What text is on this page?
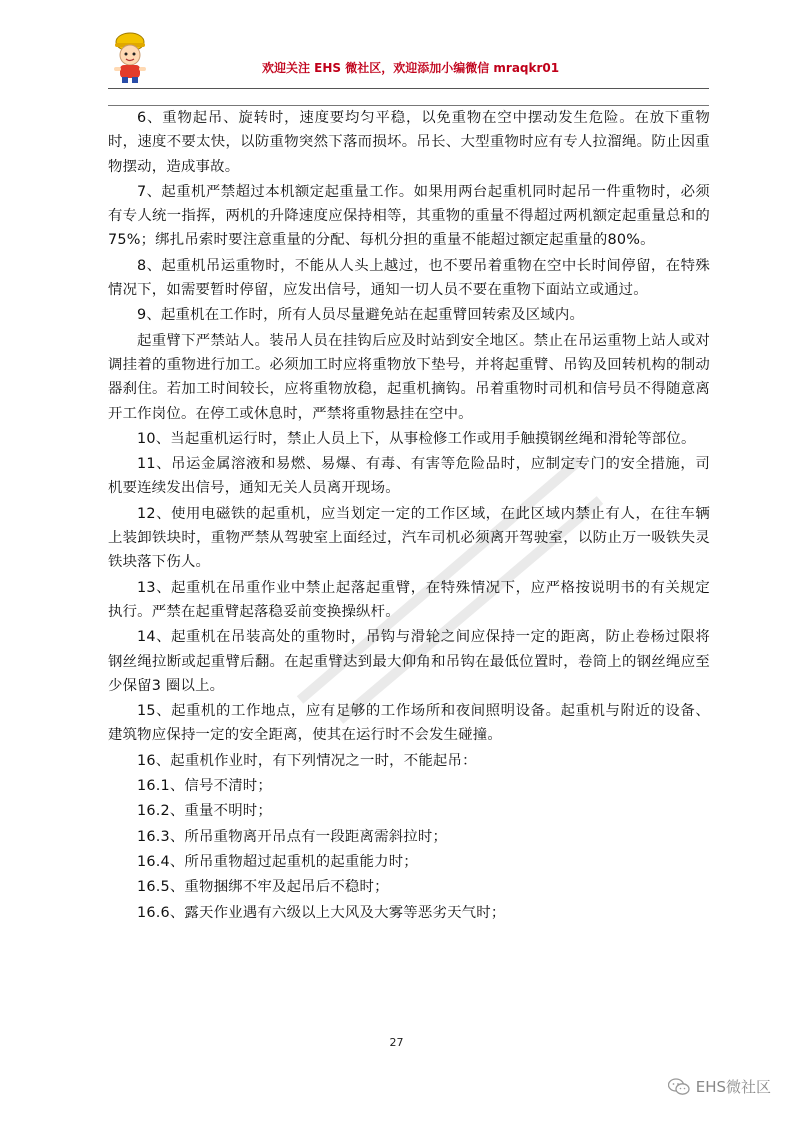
欢迎关注 EHS 微社区，欢迎添加小编微信 mraqkr01

6、重物起吊、旋转时，速度要均匀平稳，以免重物在空中摆动发生危险。在放下重物时，速度不要太快，以防重物突然下落而损坏。吊长、大型重物时应有专人拉溜绳。防止因重物摆动，造成事故。

7、起重机严禁超过本机额定起重量工作。如果用两台起重机同时起吊一件重物时，必须有专人统一指挥，两机的升降速度应保持相等，其重物的重量不得超过两机额定起重量总和的75%；绑扎吊索时要注意重量的分配、每机分担的重量不能超过额定起重量的80%。

8、起重机吊运重物时，不能从人头上越过，也不要吊着重物在空中长时间停留，在特殊情况下，如需要暂时停留，应发出信号，通知一切人员不要在重物下面站立或通过。

9、起重机在工作时，所有人员尽量避免站在起重臂回转索及区域内。

起重臂下严禁站人。装吊人员在挂钩后应及时站到安全地区。禁止在吊运重物上站人或对调挂着的重物进行加工。必须加工时应将重物放下垫号，并将起重臂、吊钩及回转机构的制动器刹住。若加工时间较长，应将重物放稳，起重机摘钩。吊着重物时司机和信号员不得随意离开工作岗位。在停工或休息时，严禁将重物悬挂在空中。

10、当起重机运行时，禁止人员上下，从事检修工作或用手触摸钢丝绳和滑轮等部位。

11、吊运金属溶液和易燃、易爆、有毒、有害等危险品时，应制定专门的安全措施，司机要连续发出信号，通知无关人员离开现场。

12、使用电磁铁的起重机，应当划定一定的工作区域，在此区域内禁止有人，在往车辆上装卸铁块时，重物严禁从驾驶室上面经过，汽车司机必须离开驾驶室，以防止万一吸铁失灵铁块落下伤人。

13、起重机在吊重作业中禁止起落起重臂，在特殊情况下，应严格按说明书的有关规定执行。严禁在起重臂起落稳妥前变换操纵杆。

14、起重机在吊装高处的重物时，吊钩与滑轮之间应保持一定的距离，防止卷杨过限将钢丝绳拉断或起重臂后翻。在起重臂达到最大仰角和吊钩在最低位置时，卷筒上的钢丝绳应至少保留3 圈以上。

15、起重机的工作地点，应有足够的工作场所和夜间照明设备。起重机与附近的设备、建筑物应保持一定的安全距离，使其在运行时不会发生碰撞。

16、起重机作业时，有下列情况之一时，不能起吊：

16.1、信号不清时；

16.2、重量不明时；

16.3、所吊重物离开吊点有一段距离需斜拉时；

16.4、所吊重物超过起重机的起重能力时；

16.5、重物捆绑不牢及起吊后不稳时；

16.6、露天作业遇有六级以上大风及大雾等恶劣天气时；

27
EHS微社区
